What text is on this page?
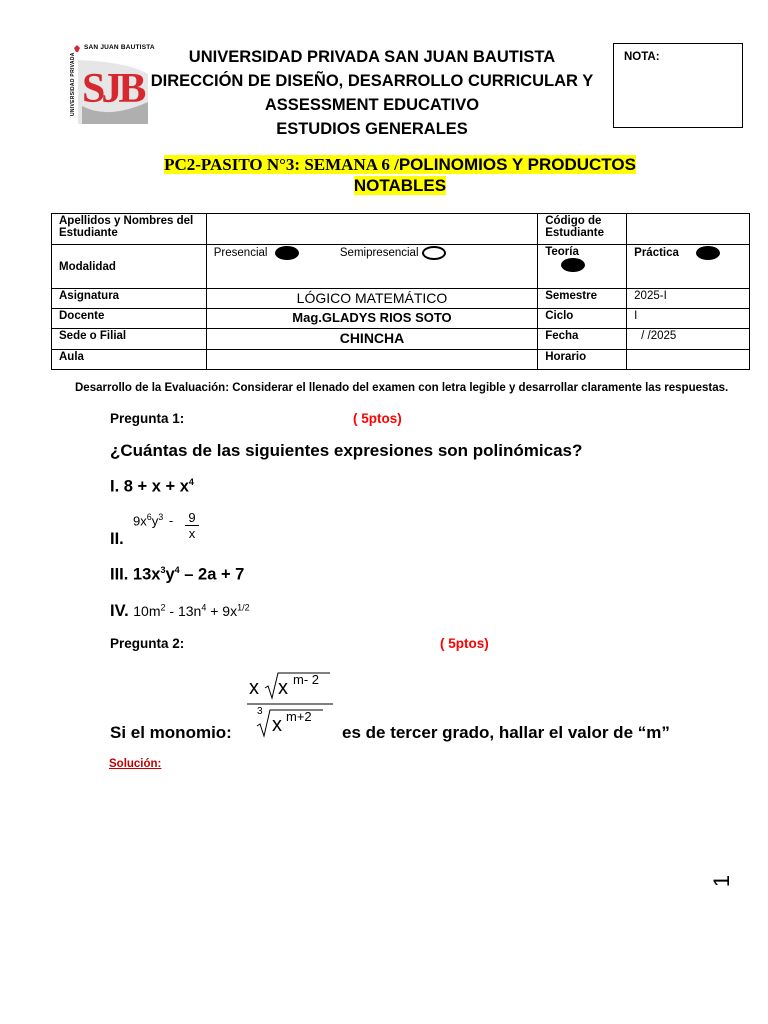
SJB
SAN JUAN BAUTISTA
UNIVERSIDAD PRIVADA	UNIVERSIDAD PRIVADA SAN JUAN BAUTISTA
DIRECCIÓN DE DISEÑO, DESARROLLO CURRICULAR Y
ASSESSMENT EDUCATIVO
ESTUDIOS GENERALES
NOTA:
PC2-PASITO N°3: SEMANA 6 /POLINOMIOS Y PRODUCTOS
NOTABLES
Apellidos y Nombres del Estudiante		Código de Estudiante	
Modalidad	Presencial Semipresencial	Teoría	Práctica
Asignatura	LÓGICO MATEMÁTICO	Semestre	2025-I
Docente	Mag.GLADYS RIOS SOTO	Ciclo	I
Sede o Filial	CHINCHA	Fecha	/ /2025
Aula		Horario	
Desarrollo de la Evaluación: Considerar el llenado del examen con letra legible y desarrollar claramente las respuestas.
Pregunta 1:	( 5ptos)
¿Cuántas de las siguientes expresiones son polinómicas?
I. $8 + x + x^4$
II.
$9x^6y^3 - \frac{9}{x}$
III. $13x^3y^4 - 2a + 7$
IV. $10m^2 - 13n^4 + 9x^{1/2}$
Pregunta 2:	( 5ptos)
x x m- 2
3
x m+2
Si el monomio:	es de tercer grado, hallar el valor de “m”
Solución:
1
